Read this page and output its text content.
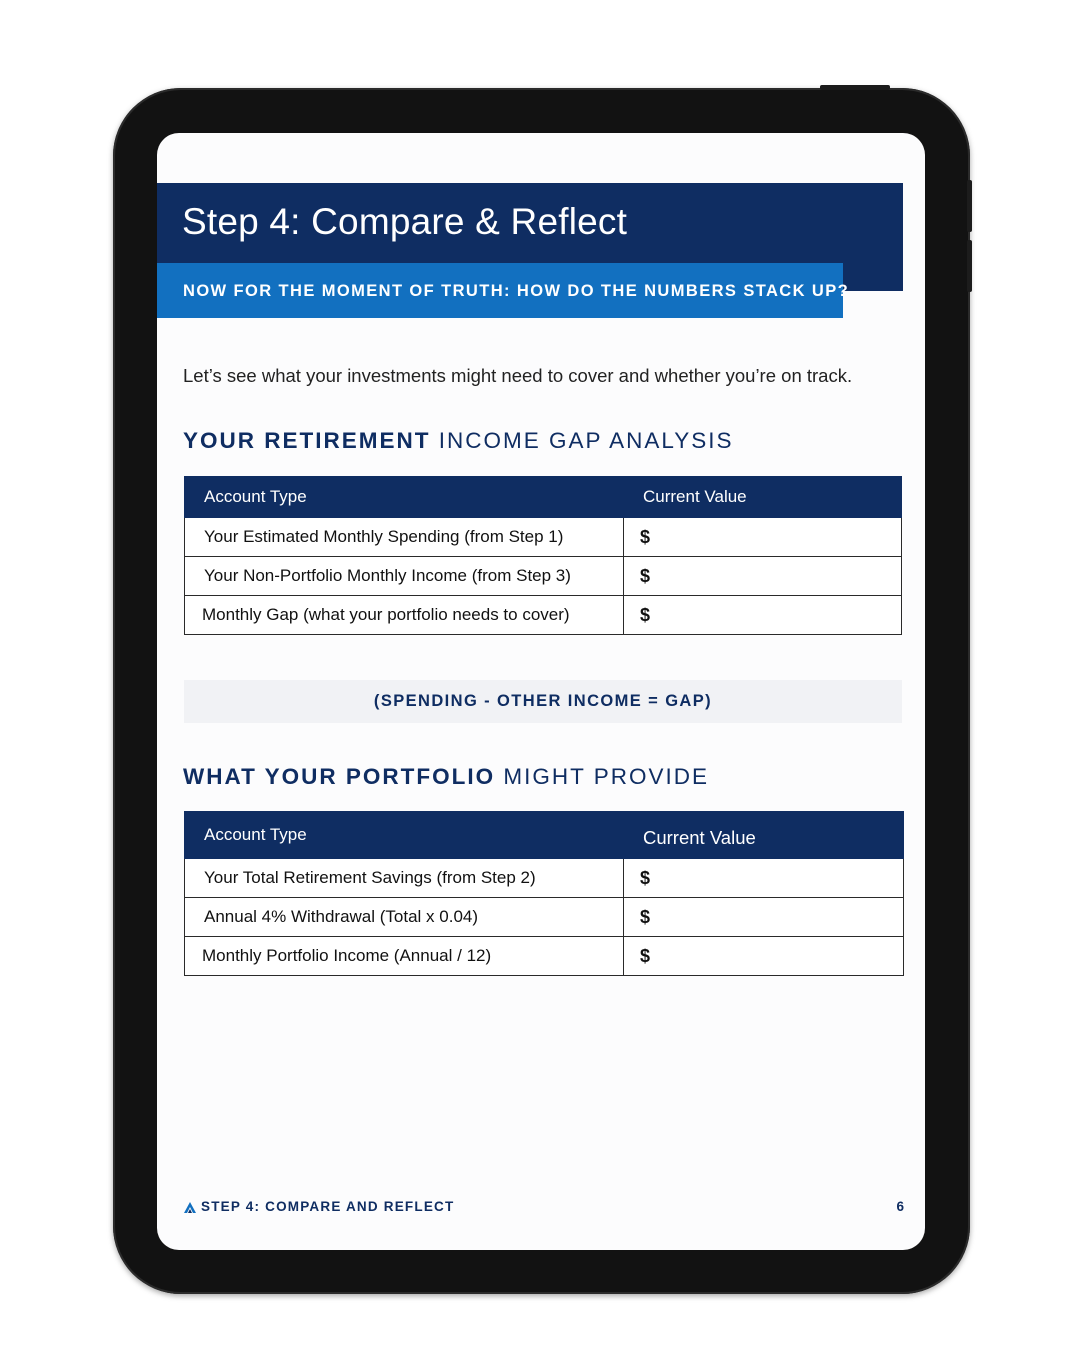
Step 4: Compare & Reflect
NOW FOR THE MOMENT OF TRUTH: HOW DO THE NUMBERS STACK UP?
Let’s see what your investments might need to cover and whether you’re on track.
YOUR RETIREMENT INCOME GAP ANALYSIS
Account Type	Current Value
Your Estimated Monthly Spending (from Step 1)	$
Your Non-Portfolio Monthly Income (from Step 3)	$
Monthly Gap (what your portfolio needs to cover)	$
(SPENDING - OTHER INCOME = GAP)
WHAT YOUR PORTFOLIO MIGHT PROVIDE
Account Type	Current Value
Your Total Retirement Savings (from Step 2)	$
Annual 4% Withdrawal (Total x 0.04)	$
Monthly Portfolio Income (Annual / 12)	$
STEP 4: COMPARE AND REFLECT	6
